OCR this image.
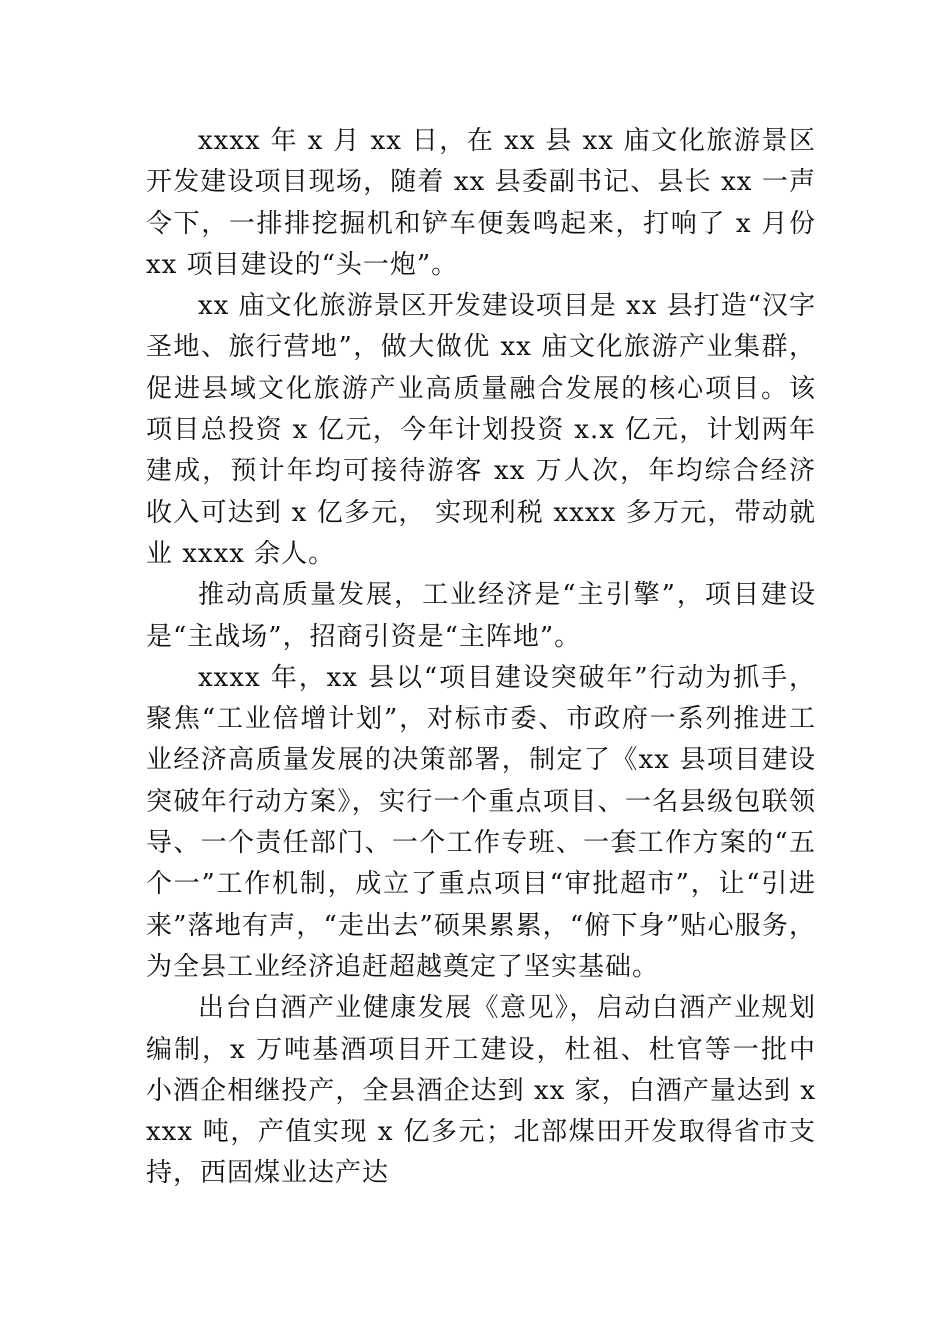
xxxx 年 x 月 xx 日，在 xx 县 xx 庙文化旅游景区开发建设项目现场，随着 xx 县委副书记、县长 xx 一声令下，一排排挖掘机和铲车便轰鸣起来，打响了 x 月份 xx 项目建设的“头一炮”。

xx 庙文化旅游景区开发建设项目是 xx 县打造“汉字圣地、旅行营地”，做大做优 xx 庙文化旅游产业集群，促进县域文化旅游产业高质量融合发展的核心项目。该项目总投资 x 亿元，今年计划投资 x.x 亿元，计划两年建成，预计年均可接待游客 xx 万人次，年均综合经济收入可达到 x 亿多元， 实现利税 xxxx 多万元，带动就业 xxxx 余人。

推动高质量发展，工业经济是“主引擎”，项目建设是“主战场”，招商引资是“主阵地”。

xxxx 年，xx 县以“项目建设突破年”行动为抓手，聚焦“工业倍增计划”，对标市委、市政府一系列推进工业经济高质量发展的决策部署，制定了《xx 县项目建设突破年行动方案》，实行一个重点项目、一名县级包联领导、一个责任部门、一个工作专班、一套工作方案的“五个一”工作机制，成立了重点项目“审批超市”，让“引进来”落地有声，“走出去”硕果累累，“俯下身”贴心服务，为全县工业经济追赶超越奠定了坚实基础。

出台白酒产业健康发展《意见》，启动白酒产业规划编制，x 万吨基酒项目开工建设，杜祖、杜官等一批中小酒企相继投产，全县酒企达到 xx 家，白酒产量达到 xxxx 吨，产值实现 x 亿多元；北部煤田开发取得省市支持，西固煤业达产达
